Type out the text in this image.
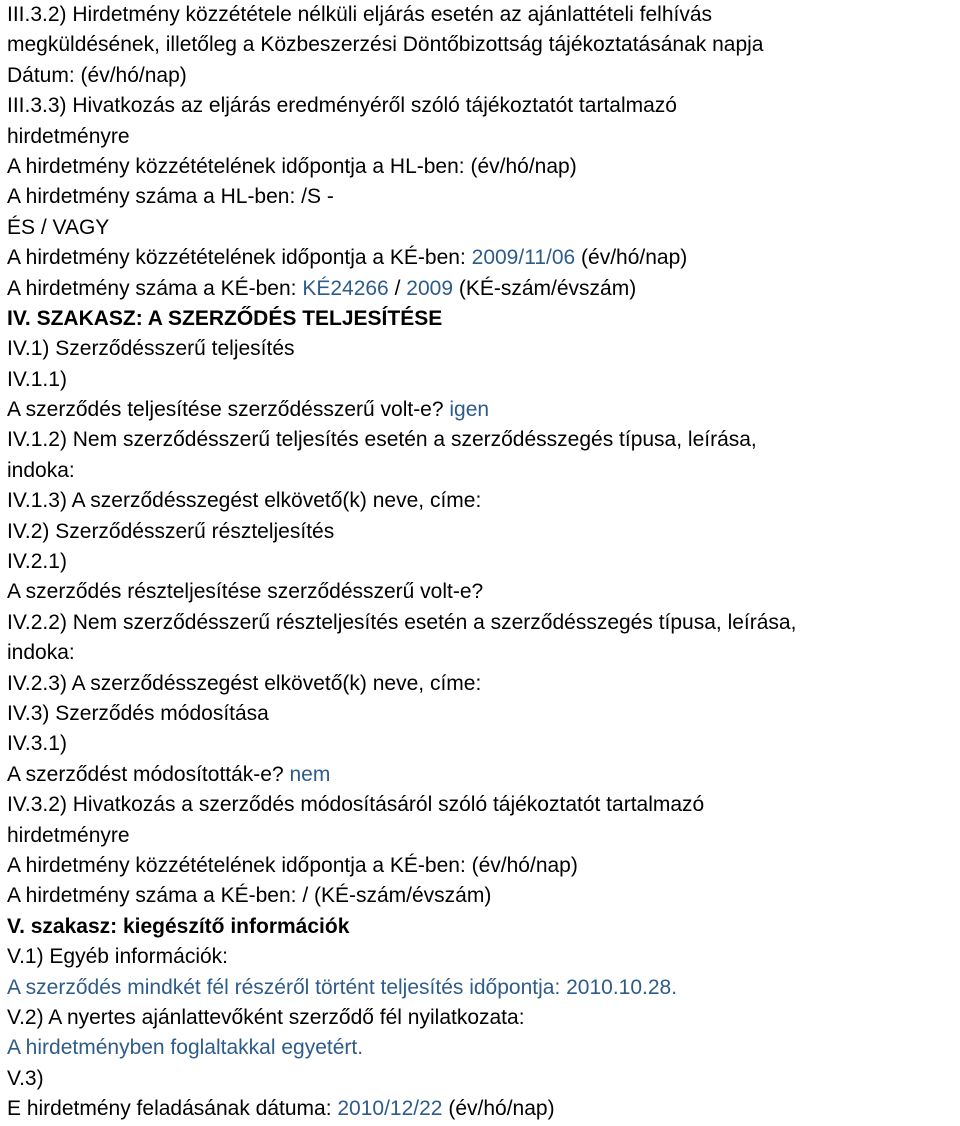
III.3.2) Hirdetmény közzététele nélküli eljárás esetén az ajánlattételi felhívás
megküldésének, illetőleg a Közbeszerzési Döntőbizottság tájékoztatásának napja
Dátum: (év/hó/nap)
III.3.3) Hivatkozás az eljárás eredményéről szóló tájékoztatót tartalmazó
hirdetményre
A hirdetmény közzétételének időpontja a HL-ben: (év/hó/nap)
A hirdetmény száma a HL-ben: /S -
ÉS / VAGY
A hirdetmény közzétételének időpontja a KÉ-ben: 2009/11/06 (év/hó/nap)
A hirdetmény száma a KÉ-ben: KÉ24266 / 2009 (KÉ-szám/évszám)
IV. SZAKASZ: A SZERZŐDÉS TELJESÍTÉSE
IV.1) Szerződésszerű teljesítés
IV.1.1)
A szerződés teljesítése szerződésszerű volt-e? igen
IV.1.2) Nem szerződésszerű teljesítés esetén a szerződésszegés típusa, leírása,
indoka:
IV.1.3) A szerződésszegést elkövető(k) neve, címe:
IV.2) Szerződésszerű részteljesítés
IV.2.1)
A szerződés részteljesítése szerződésszerű volt-e?
IV.2.2) Nem szerződésszerű részteljesítés esetén a szerződésszegés típusa, leírása,
indoka:
IV.2.3) A szerződésszegést elkövető(k) neve, címe:
IV.3) Szerződés módosítása
IV.3.1)
A szerződést módosították-e? nem
IV.3.2) Hivatkozás a szerződés módosításáról szóló tájékoztatót tartalmazó
hirdetményre
A hirdetmény közzétételének időpontja a KÉ-ben: (év/hó/nap)
A hirdetmény száma a KÉ-ben: / (KÉ-szám/évszám)
V. szakasz: kiegészítő információk
V.1) Egyéb információk:
A szerződés mindkét fél részéről történt teljesítés időpontja: 2010.10.28.
V.2) A nyertes ajánlattevőként szerződő fél nyilatkozata:
A hirdetményben foglaltakkal egyetért.
V.3)
E hirdetmény feladásának dátuma: 2010/12/22 (év/hó/nap)
